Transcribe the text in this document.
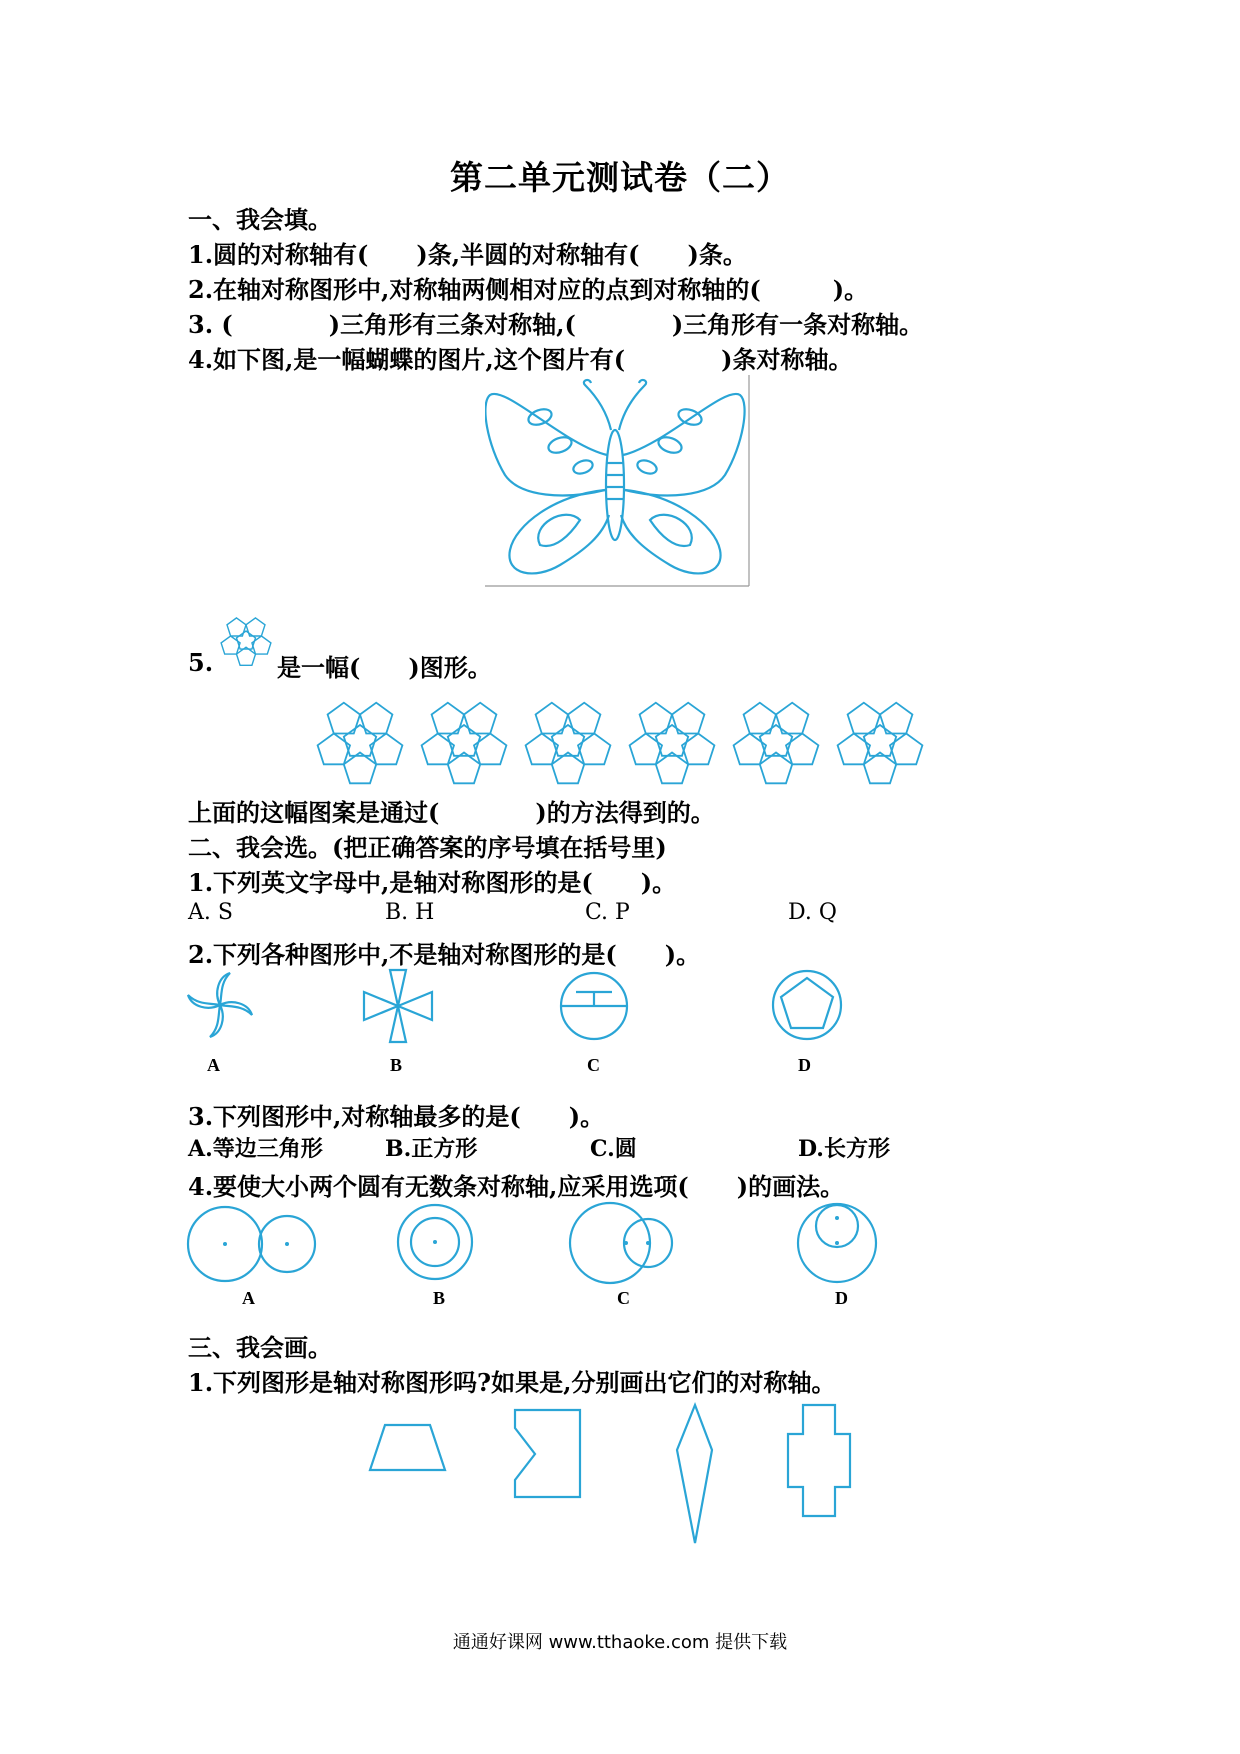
第二单元测试卷（二）
一、我会填。
1.圆的对称轴有(　　)条,半圆的对称轴有(　　)条。
2.在轴对称图形中,对称轴两侧相对应的点到对称轴的(　　　)。
3. (　　　　)三角形有三条对称轴,(　　　　)三角形有一条对称轴。
4.如下图,是一幅蝴蝶的图片,这个图片有(　　　　)条对称轴。
5.	是一幅(　　)图形。
上面的这幅图案是通过(　　　　)的方法得到的。
二、我会选。(把正确答案的序号填在括号里)
1.下列英文字母中,是轴对称图形的是(　　)。
A. S	B. H	C. P	D. Q
2.下列各种图形中,不是轴对称图形的是(　　)。
A	B	C	D
3.下列图形中,对称轴最多的是(　　)。
A.等边三角形	B.正方形	C.圆	D.长方形
4.要使大小两个圆有无数条对称轴,应采用选项(　　)的画法。
A	B	C	D
三、我会画。
1.下列图形是轴对称图形吗?如果是,分别画出它们的对称轴。
通通好课网 www.tthaoke.com 提供下载
